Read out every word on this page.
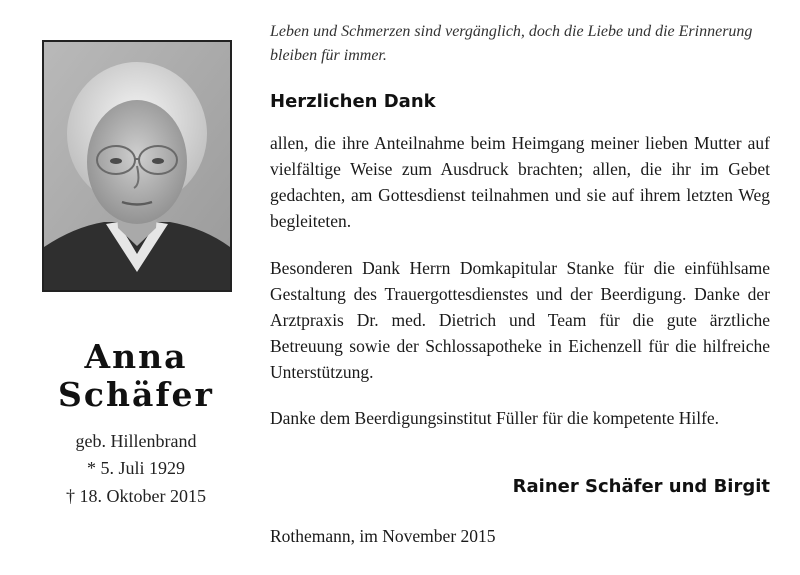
Anna
Schäfer
geb. Hillenbrand
* 5. Juli 1929
† 18. Oktober 2015
Leben und Schmerzen sind vergänglich, doch die Liebe und die Erinnerung bleiben für immer.
Herzlichen Dank
allen, die ihre Anteilnahme beim Heimgang meiner lieben Mutter auf vielfältige Weise zum Ausdruck brachten; allen, die ihr im Gebet gedachten, am Gottesdienst teilnahmen und sie auf ihrem letzten Weg begleiteten.
Besonderen Dank Herrn Domkapitular Stanke für die einfühlsame Gestaltung des Trauergottesdienstes und der Beerdigung. Danke der Arztpraxis Dr. med. Dietrich und Team für die gute ärztliche Betreuung sowie der Schlossapotheke in Eichenzell für die hilfreiche Unterstützung.
Danke dem Beerdigungsinstitut Füller für die kompetente Hilfe.
Rainer Schäfer und Birgit
Rothemann, im November 2015
